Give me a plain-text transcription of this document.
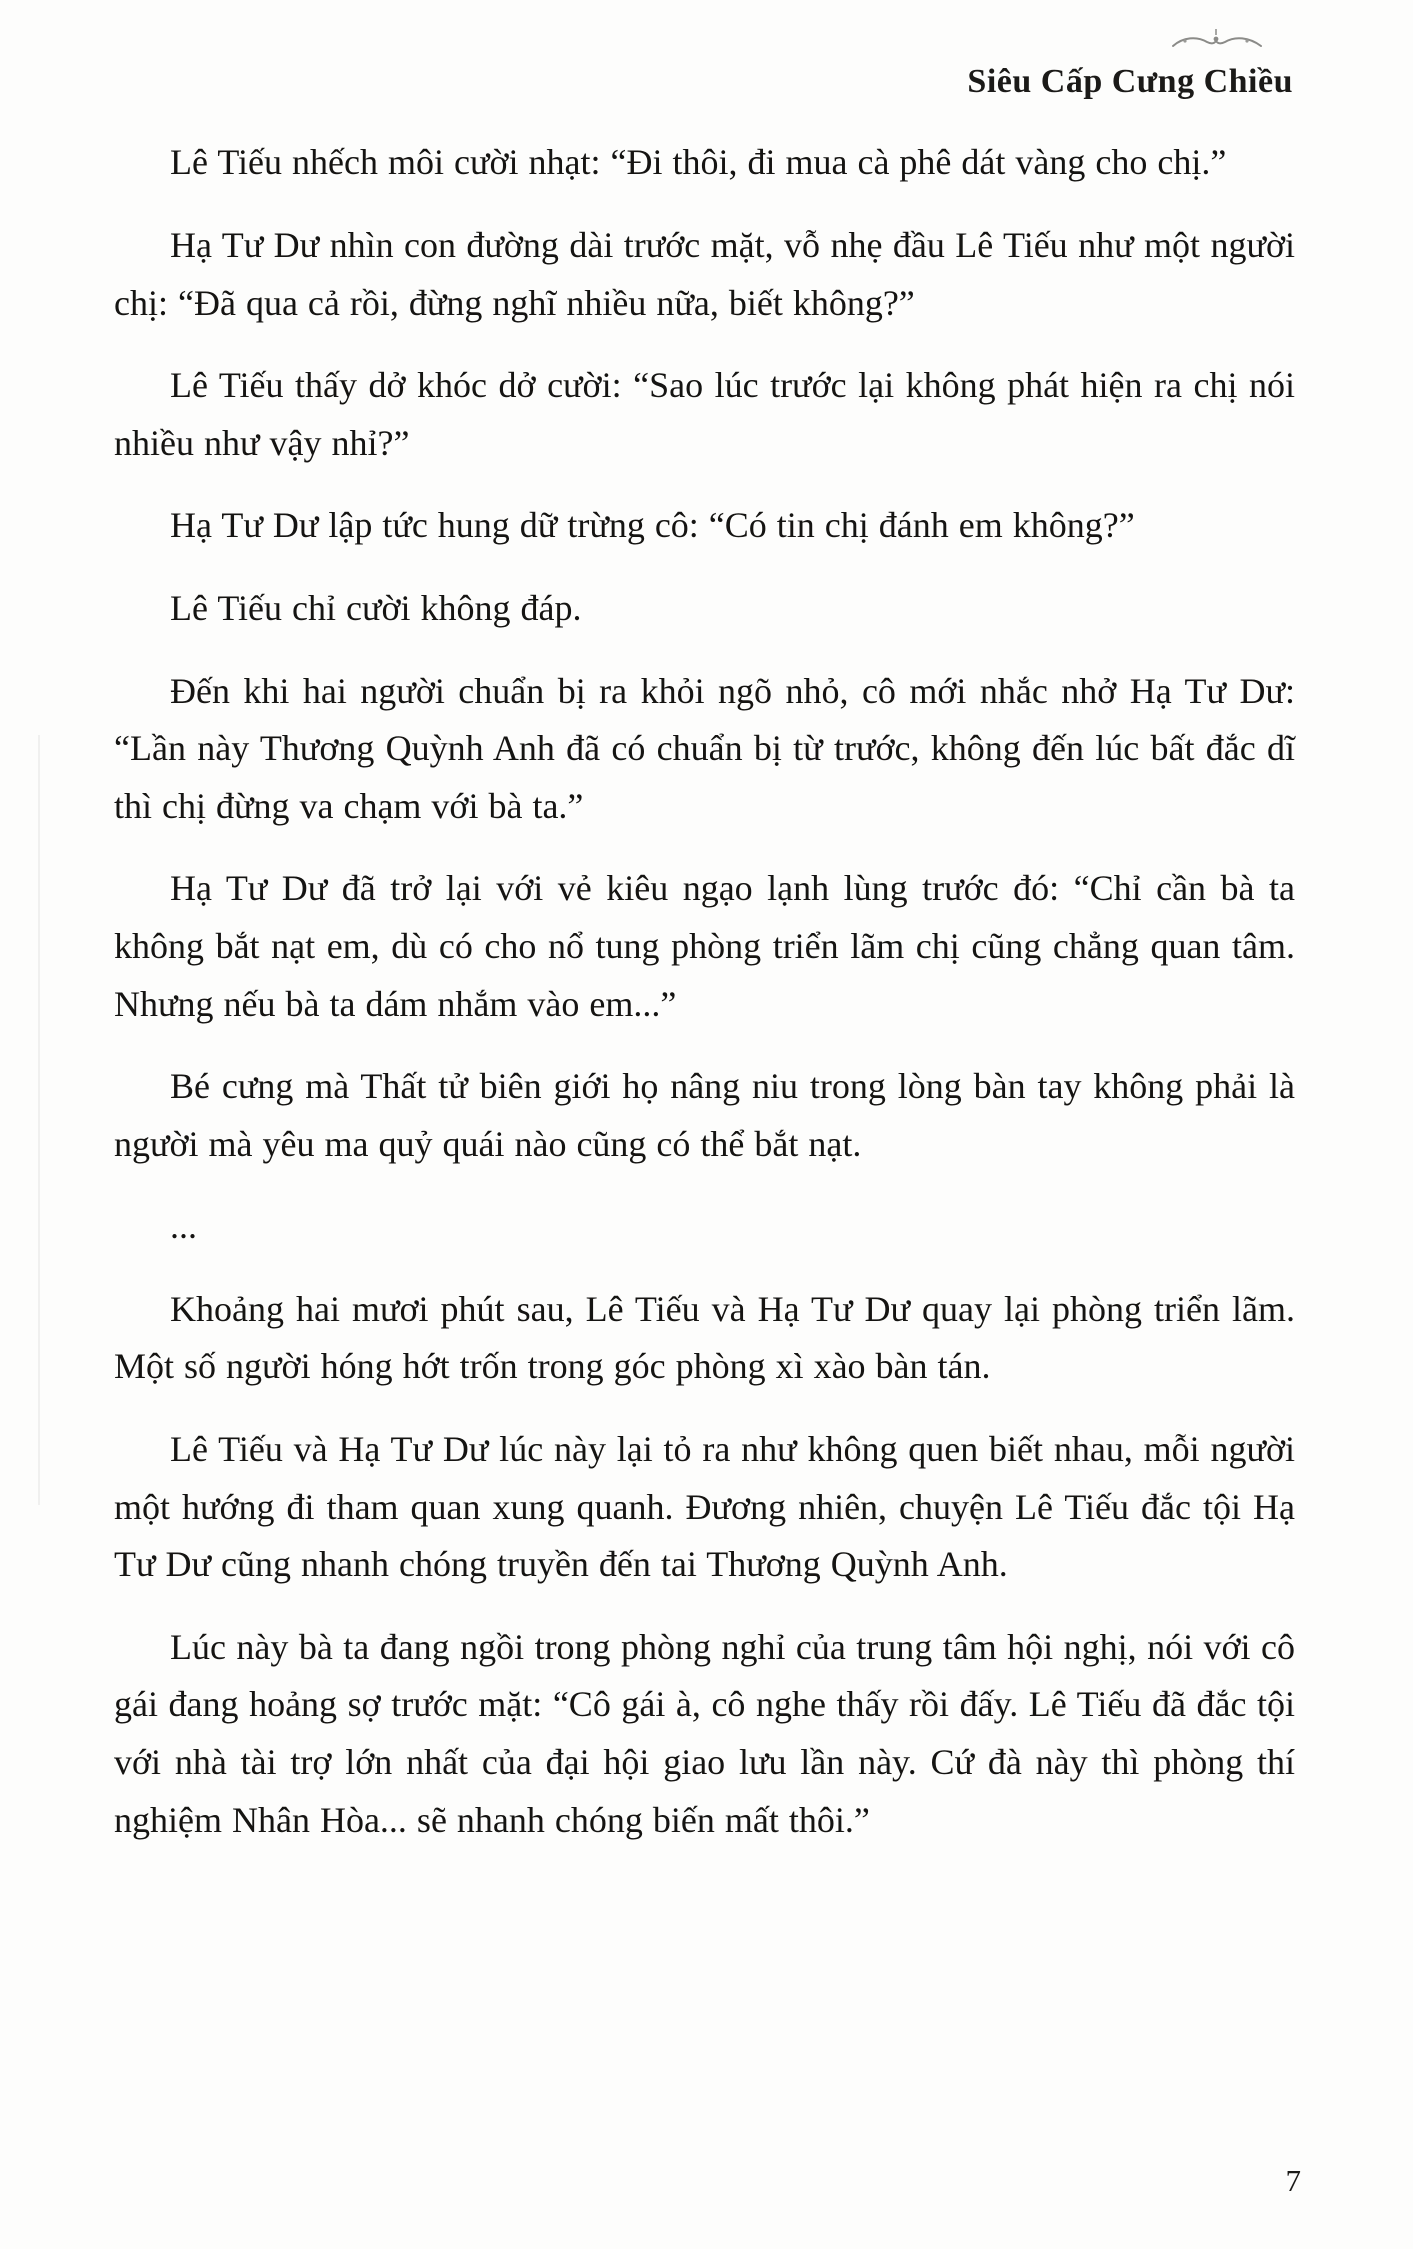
Siêu Cấp Cưng Chiều

Lê Tiếu nhếch môi cười nhạt: “Đi thôi, đi mua cà phê dát vàng cho chị.”

Hạ Tư Dư nhìn con đường dài trước mặt, vỗ nhẹ đầu Lê Tiếu như một người chị: “Đã qua cả rồi, đừng nghĩ nhiều nữa, biết không?”

Lê Tiếu thấy dở khóc dở cười: “Sao lúc trước lại không phát hiện ra chị nói nhiều như vậy nhỉ?”

Hạ Tư Dư lập tức hung dữ trừng cô: “Có tin chị đánh em không?”

Lê Tiếu chỉ cười không đáp.

Đến khi hai người chuẩn bị ra khỏi ngõ nhỏ, cô mới nhắc nhở Hạ Tư Dư: “Lần này Thương Quỳnh Anh đã có chuẩn bị từ trước, không đến lúc bất đắc dĩ thì chị đừng va chạm với bà ta.”

Hạ Tư Dư đã trở lại với vẻ kiêu ngạo lạnh lùng trước đó: “Chỉ cần bà ta không bắt nạt em, dù có cho nổ tung phòng triển lãm chị cũng chẳng quan tâm. Nhưng nếu bà ta dám nhắm vào em...”

Bé cưng mà Thất tử biên giới họ nâng niu trong lòng bàn tay không phải là người mà yêu ma quỷ quái nào cũng có thể bắt nạt.

...

Khoảng hai mươi phút sau, Lê Tiếu và Hạ Tư Dư quay lại phòng triển lãm. Một số người hóng hớt trốn trong góc phòng xì xào bàn tán.

Lê Tiếu và Hạ Tư Dư lúc này lại tỏ ra như không quen biết nhau, mỗi người một hướng đi tham quan xung quanh. Đương nhiên, chuyện Lê Tiếu đắc tội Hạ Tư Dư cũng nhanh chóng truyền đến tai Thương Quỳnh Anh.

Lúc này bà ta đang ngồi trong phòng nghỉ của trung tâm hội nghị, nói với cô gái đang hoảng sợ trước mặt: “Cô gái à, cô nghe thấy rồi đấy. Lê Tiếu đã đắc tội với nhà tài trợ lớn nhất của đại hội giao lưu lần này. Cứ đà này thì phòng thí nghiệm Nhân Hòa... sẽ nhanh chóng biến mất thôi.”

7
